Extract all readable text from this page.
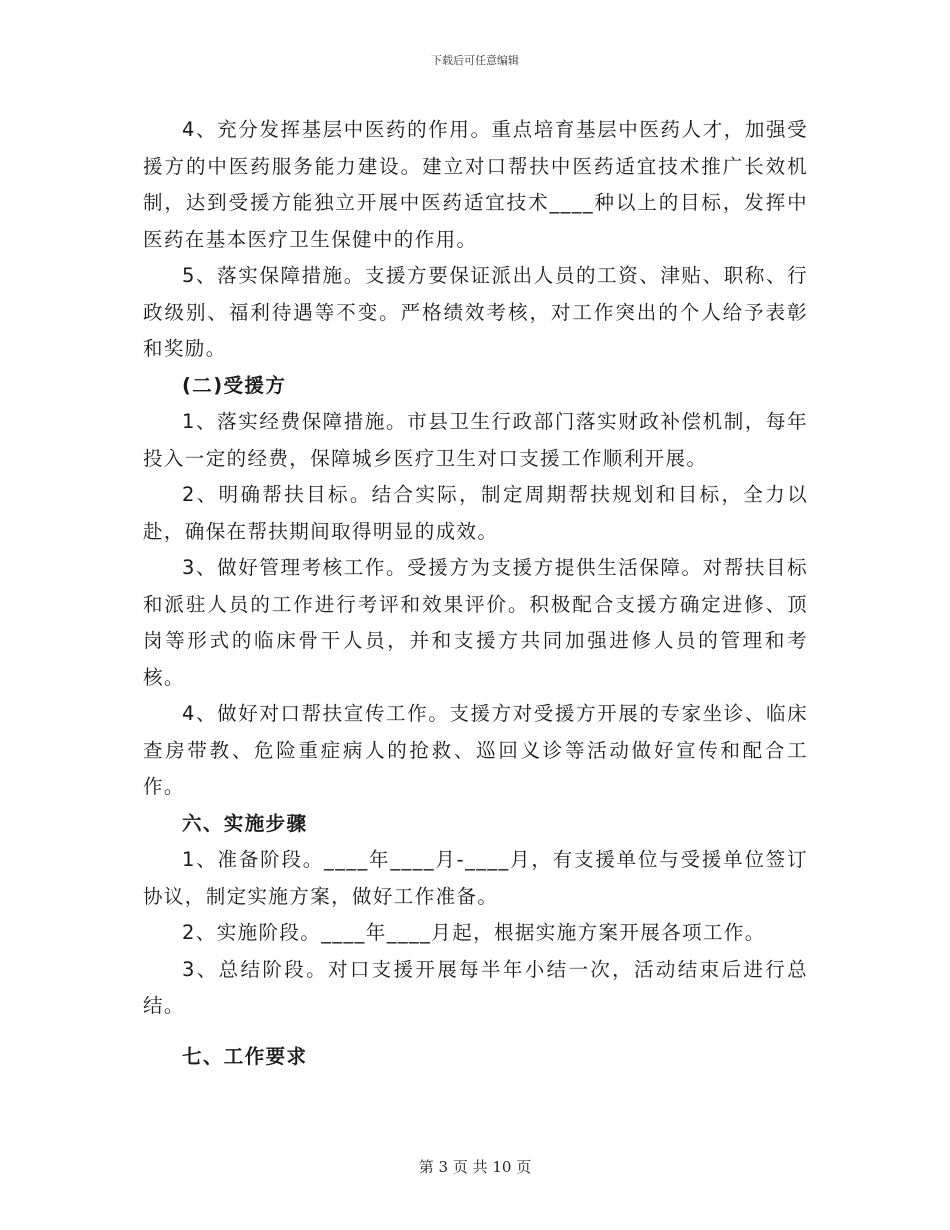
下载后可任意编辑

4、充分发挥基层中医药的作用。重点培育基层中医药人才，加强受援方的中医药服务能力建设。建立对口帮扶中医药适宜技术推广长效机制，达到受援方能独立开展中医药适宜技术____种以上的目标，发挥中医药在基本医疗卫生保健中的作用。

5、落实保障措施。支援方要保证派出人员的工资、津贴、职称、行政级别、福利待遇等不变。严格绩效考核，对工作突出的个人给予表彰和奖励。

(二)受援方

1、落实经费保障措施。市县卫生行政部门落实财政补偿机制，每年投入一定的经费，保障城乡医疗卫生对口支援工作顺利开展。

2、明确帮扶目标。结合实际，制定周期帮扶规划和目标，全力以赴，确保在帮扶期间取得明显的成效。

3、做好管理考核工作。受援方为支援方提供生活保障。对帮扶目标和派驻人员的工作进行考评和效果评价。积极配合支援方确定进修、顶岗等形式的临床骨干人员，并和支援方共同加强进修人员的管理和考核。

4、做好对口帮扶宣传工作。支援方对受援方开展的专家坐诊、临床查房带教、危险重症病人的抢救、巡回义诊等活动做好宣传和配合工作。

六、实施步骤

1、准备阶段。____年____月-____月，有支援单位与受援单位签订协议，制定实施方案，做好工作准备。

2、实施阶段。____年____月起，根据实施方案开展各项工作。

3、总结阶段。对口支援开展每半年小结一次，活动结束后进行总结。

七、工作要求

第 3 页 共 10 页
